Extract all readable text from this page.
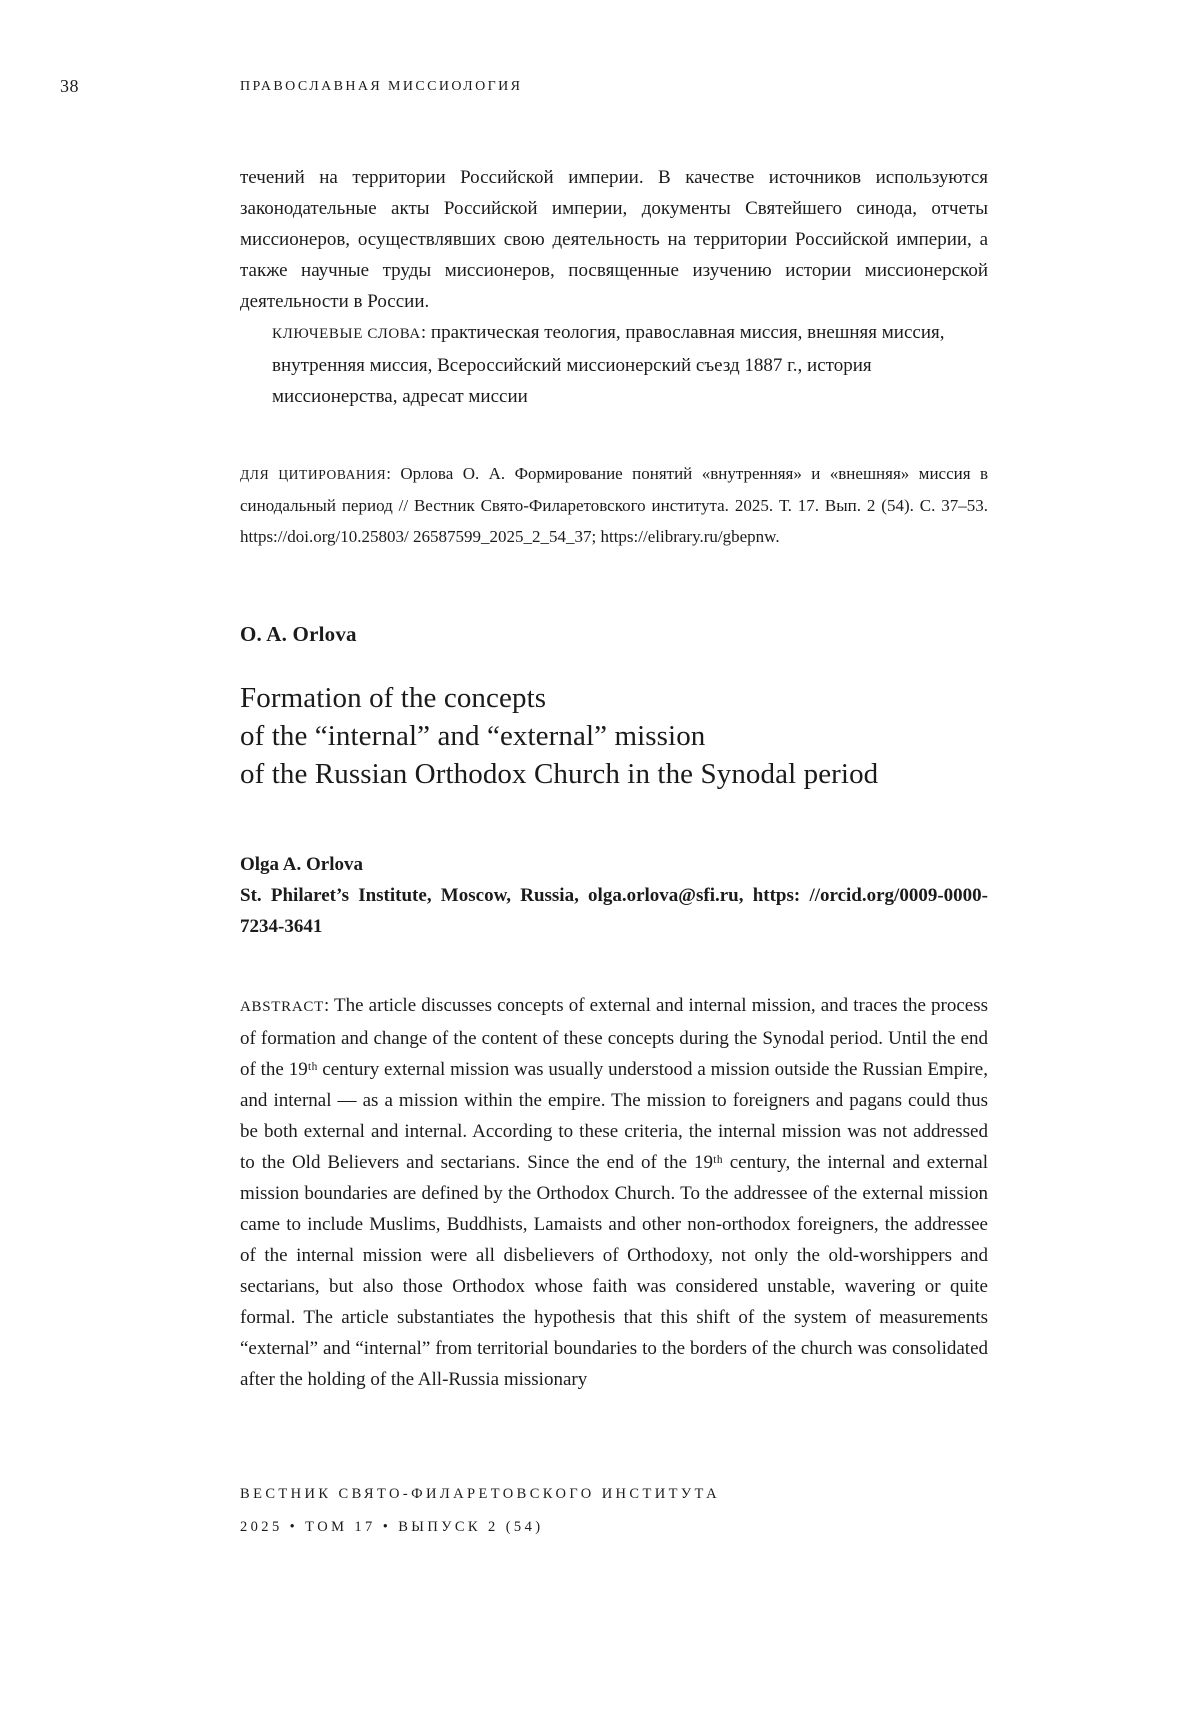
38	ПРАВОСЛАВНАЯ МИССИОЛОГИЯ

течений на территории Российской империи. В качестве источников используются законодательные акты Российской империи, документы Святейшего синода, отчеты миссионеров, осуществлявших свою деятельность на территории Российской империи, а также научные труды миссионеров, посвященные изучению истории миссионерской деятельности в России.

КЛЮЧЕВЫЕ СЛОВА: практическая теология, православная миссия, внешняя миссия, внутренняя миссия, Всероссийский миссионерский съезд 1887 г., история миссионерства, адресат миссии

ДЛЯ ЦИТИРОВАНИЯ: Орлова О. А. Формирование понятий «внутренняя» и «внешняя» миссия в синодальный период // Вестник Свято-Филаретовского института. 2025. Т. 17. Вып. 2 (54). С. 37–53. https://doi.org/10.25803/ 26587599_2025_2_54_37; https://elibrary.ru/gbepnw.

O. A. Orlova
Formation of the concepts
of the “internal” and “external” mission
of the Russian Orthodox Church in the Synodal period
Olga A. Orlova
St. Philaret’s Institute, Moscow, Russia, olga.orlova@sfi.ru, https: //orcid.org/0009-0000-7234-3641

ABSTRACT: The article discusses concepts of external and internal mission, and traces the process of formation and change of the content of these concepts during the Synodal period. Until the end of the 19ᵗʰ century external mission was usually understood a mission outside the Russian Empire, and internal — as a mission within the empire. The mission to foreigners and pagans could thus be both external and internal. According to these criteria, the internal mission was not addressed to the Old Believers and sectarians. Since the end of the 19ᵗʰ century, the internal and external mission boundaries are defined by the Orthodox Church. To the addressee of the external mission came to include Muslims, Buddhists, Lamaists and other non-orthodox foreigners, the addressee of the internal mission were all disbelievers of Orthodoxy, not only the old-worshippers and sectarians, but also those Orthodox whose faith was considered unstable, wavering or quite formal. The article substantiates the hypothesis that this shift of the system of measurements “external” and “internal” from territorial boundaries to the borders of the church was consolidated after the holding of the All-Russia missionary

ВЕСТНИК СВЯТО-ФИЛАРЕТОВСКОГО ИНСТИТУТА
2025 • ТОМ 17 • ВЫПУСК 2 (54)
